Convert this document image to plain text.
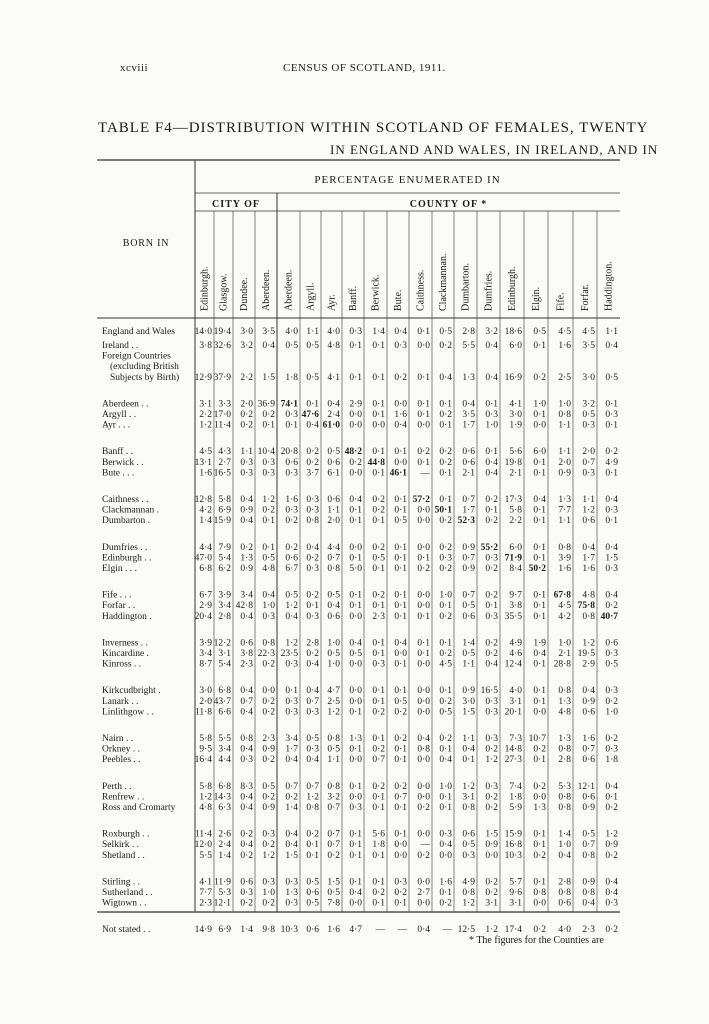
xcviii	CENSUS OF SCOTLAND, 1911.
TABLE F4—DISTRIBUTION WITHIN SCOTLAND OF FEMALES, TWENTY
IN ENGLAND AND WALES, IN IRELAND, AND IN
PERCENTAGE ENUMERATED IN
CITY OF	COUNTY OF *
BORN IN
Edinburgh. Glasgow. Dundee. Aberdeen. Aberdeen. Argyll. Ayr. Banff. Berwick. Bute. Caithness. Clackmannan. Dumbarton. Dumfries. Edinburgh. Elgin. Fife. Forfar. Haddington.
England and Wales 14·0 19·4 3·0 3·5 4·0 1·1 4·0 0·3 1·4 0·4 0·1 0·5 2·8 3·2 18·6 0·5 4·5 4·5 1·1
Ireland . .	3·8 32·6 3·2 0·4 0·5 0·5 4·8 0·1 0·1 0·3 0·0 0·2 5·5 0·4 6·0 0·1 1·6 3·5 0·4
Foreign Countries
(excluding British
Subjects by Birth) 12·9 37·9 2·2 1·5 1·8 0·5 4·1 0·1 0·1 0·2 0·1 0·4 1·3 0·4 16·9 0·2 2·5 3·0 0·5
Aberdeen . .	3·1 3·3 2·0 36·9 74·1 0·1 0·4 2·9 0·1 0·0 0·1 0·1 0·4 0·1 4·1 1·0 1·0 3·2 0·1
Argyll . .	2·2 17·0 0·2 0·2 0·3 47·6 2·4 0·0 0·1 1·6 0·1 0·2 3·5 0·3 3·0 0·1 0·8 0·5 0·3
Ayr . . .	1·2 11·4 0·2 0·1 0·1 0·4 61·0 0·0 0·0 0·4 0·0 0·1 1·7 1·0 1·9 0·0 1·1 0·3 0·1
Banff . .	4·5 4·3 1·1 10·4 20·8 0·2 0·5 48·2 0·1 0·1 0·2 0·2 0·6 0·1 5·6 6·0 1·1 2·0 0·2
Berwick . .	13·1 2·7 0·3 0·3 0·6 0·2 0·6 0·2 44·8 0·0 0·1 0·2 0·6 0·4 19·8 0·1 2·0 0·7 4·9
Bute . . .	1·6 16·5 0·3 0·3 0·3 3·7 6·1 0·0 0·1 46·1 — 0·1 2·1 0·4 2·1 0·1 0·9 0·3 0·1
Caithness . .	12·8 5·8 0·4 1·2 1·6 0·3 0·6 0·4 0·2 0·1 57·2 0·1 0·7 0·2 17·3 0·4 1·3 1·1 0·4
Clackmannan .	4·2 6·9 0·9 0·2 0·3 0·3 1·1 0·1 0·2 0·1 0·0 50·1 1·7 0·1 5·8 0·1 7·7 1·2 0·3
Dumbarton .	1·4 15·9 0·4 0·1 0·2 0·8 2·0 0·1 0·1 0·5 0·0 0·2 52·3 0·2 2·2 0·1 1·1 0·6 0·1
Dumfries . .	4·4 7·9 0·2 0·1 0·2 0·4 4·4 0·0 0·2 0·1 0·0 0·2 0·9 55·2 6·0 0·1 0·8 0·4 0·4
Edinburgh . .	47·0 5·4 1·3 0·5 0·6 0·2 0·7 0·1 0·5 0·1 0·1 0·3 0·7 0·3 71·9 0·1 3·9 1·7 1·5
Elgin . . .	6·8 6·2 0·9 4·8 6·7 0·3 0·8 5·0 0·1 0·1 0·2 0·2 0·9 0·2 8·4 50·2 1·6 1·6 0·3
Fife . . .	6·7 3·9 3·4 0·4 0·5 0·2 0·5 0·1 0·2 0·1 0·0 1·0 0·7 0·2 9·7 0·1 67·8 4·8 0·4
Forfar . .	2·9 3·4 42·8 1·0 1·2 0·1 0·4 0·1 0·1 0·1 0·0 0·1 0·5 0·1 3·8 0·1 4·5 75·8 0·2
Haddington .	20·4 2·8 0·4 0·3 0·4 0·3 0·6 0·0 2·3 0·1 0·1 0·2 0·6 0·3 35·5 0·1 4·2 0·8 40·7
Inverness . .	3·9 12·2 0·6 0·8 1·2 2·8 1·0 0·4 0·1 0·4 0·1 0·1 1·4 0·2 4·9 1·9 1·0 1·2 0·6
Kincardine .	3·4 3·1 3·8 22·3 23·5 0·2 0·5 0·5 0·1 0·0 0·1 0·2 0·5 0·2 4·6 0·4 2·1 19·5 0·3
Kinross . .	8·7 5·4 2·3 0·2 0·3 0·4 1·0 0·0 0·3 0·1 0·0 4·5 1·1 0·4 12·4 0·1 28·8 2·9 0·5
Kirkcudbright .	3·0 6·8 0·4 0·0 0·1 0·4 4·7 0·0 0·1 0·1 0·0 0·1 0·9 16·5 4·0 0·1 0·8 0·4 0·3
Lanark . .	2·0 43·7 0·7 0·2 0·3 0·7 2·5 0·0 0·1 0·5 0·0 0·2 3·0 0·3 3·1 0·1 1·3 0·9 0·2
Linlithgow . .	11·8 6·6 0·4 0·2 0·3 0·3 1·2 0·1 0·2 0·2 0·0 0·5 1·5 0·3 20·1 0·0 4·8 0·6 1·0
Nairn . .	5·8 5·5 0·8 2·3 3·4 0·5 0·8 1·3 0·1 0·2 0·4 0·2 1·1 0·3 7·3 10·7 1·3 1·6 0·2
Orkney . .	9·5 3·4 0·4 0·9 1·7 0·3 0·5 0·1 0·2 0·1 0·8 0·1 0·4 0·2 14·8 0·2 0·8 0·7 0·3
Peebles . .	16·4 4·4 0·3 0·2 0·4 0·4 1·1 0·0 0·7 0·1 0·0 0·4 0·1 1·2 27·3 0·1 2·8 0·6 1·8
Perth . .	5·8 6·8 8·3 0·5 0·7 0·7 0·8 0·1 0·2 0·2 0·0 1·0 1·2 0·3 7·4 0·2 5·3 12·1 0·4
Renfrew . .	1·2 14·3 0·4 0·2 0·2 1·2 3·2 0·0 0·1 0·7 0·0 0·1 3·1 0·2 1·8 0·0 0·8 0·6 0·1
Ross and Cromarty	4·8 6·3 0·4 0·9 1·4 0·8 0·7 0·3 0·1 0·1 0·2 0·1 0·8 0·2 5·9 1·3 0·8 0·9 0·2
Roxburgh . .	11·4 2·6 0·2 0·3 0·4 0·2 0·7 0·1 5·6 0·1 0·0 0·3 0·6 1·5 15·9 0·1 1·4 0·5 1·2
Selkirk . .	12·0 2·4 0·4 0·2 0·4 0·1 0·7 0·1 1·8 0·0 — 0·4 0·5 0·9 16·8 0·1 1·0 0·7 0·9
Shetland . .	5·5 1·4 0·2 1·2 1·5 0·1 0·2 0·1 0·1 0·0 0·2 0·0 0·3 0·0 10·3 0·2 0·4 0·8 0·2
Stirling . .	4·1 11·9 0·6 0·3 0·3 0·5 1·5 0·1 0·1 0·3 0·0 1·6 4·9 0·2 5·7 0·1 2·8 0·9 0·4
Sutherland . .	7·7 5·3 0·3 1·0 1·3 0·6 0·5 0·4 0·2 0·2 2·7 0·1 0·8 0·2 9·6 0·8 0·8 0·8 0·4
Wigtown . .	2·3 12·1 0·2 0·2 0·3 0·5 7·8 0·0 0·1 0·1 0·0 0·2 1·2 3·1 3·1 0·0 0·6 0·4 0·3
Not stated . .	14·9 6·9 1·4 9·8 10·3 0·6 1·6 4·7 — — 0·4 — 12·5 1·2 17·4 0·2 4·0 2·3 0·2
* The figures for the Counties are
